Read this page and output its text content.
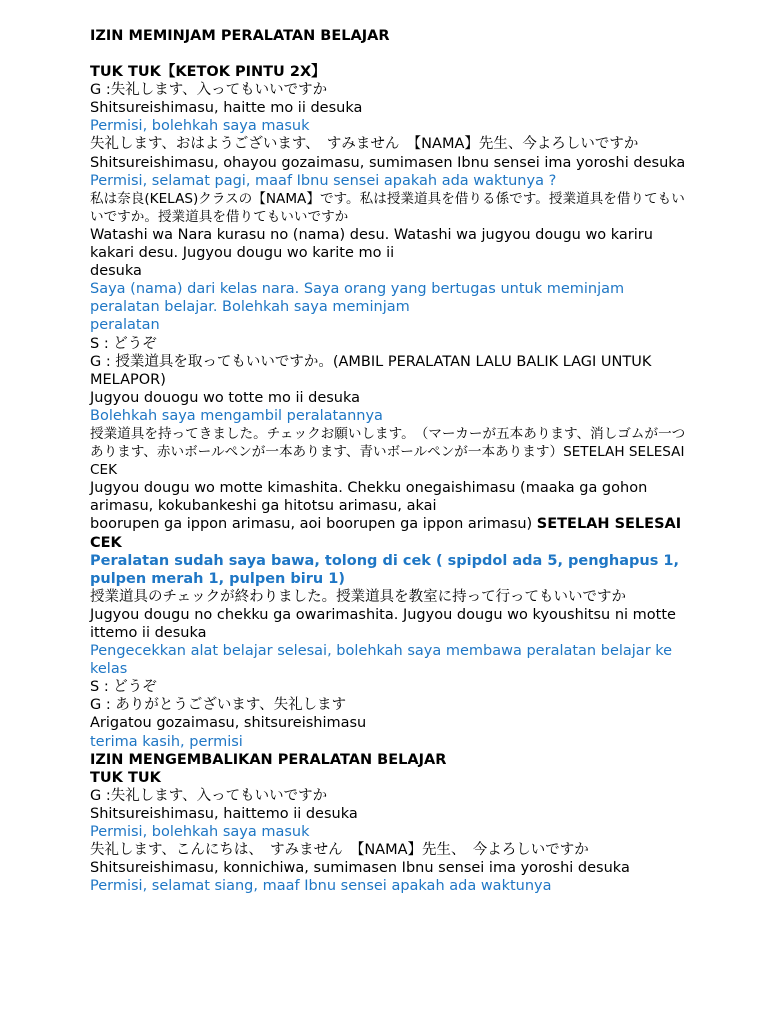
IZIN MEMINJAM PERALATAN BELAJAR
TUK TUK【KETOK PINTU 2X】
G :失礼します、入ってもいいですか
Shitsureishimasu, haitte mo ii desuka
Permisi, bolehkah saya masuk
失礼します、おはようございます、　すみません　【NAMA】先生、今よろしいですか
Shitsureishimasu, ohayou gozaimasu, sumimasen Ibnu sensei ima yoroshi desuka
Permisi, selamat pagi, maaf Ibnu sensei apakah ada waktunya ?
私は奈良(KELAS)クラスの【NAMA】です。私は授業道具を借りる係です。授業道具を借りてもいいですか。授業道具を借りてもいいですか
Watashi wa Nara kurasu no (nama) desu. Watashi wa jugyou dougu wo kariru kakari desu. Jugyou dougu wo karite mo ii
desuka
Saya (nama) dari kelas nara. Saya orang yang bertugas untuk meminjam peralatan belajar. Bolehkah saya meminjam
peralatan
S : どうぞ
G : 授業道具を取ってもいいですか。(AMBIL PERALATAN LALU BALIK LAGI UNTUK MELAPOR)
Jugyou douogu wo totte mo ii desuka
Bolehkah saya mengambil peralatannya
授業道具を持ってきました。チェックお願いします。　（マーカーが五本あります、消しゴムが一つあります、赤いボールペンが一本あります、青いボールペンが一本あります）SETELAH SELESAI CEK
Jugyou dougu wo motte kimashita. Chekku onegaishimasu (maaka ga gohon arimasu, kokubankeshi ga hitotsu arimasu, akai
boorupen ga ippon arimasu, aoi boorupen ga ippon arimasu) SETELAH SELESAI CEK
Peralatan sudah saya bawa, tolong di cek ( spipdol ada 5, penghapus 1, pulpen merah 1, pulpen biru 1)
授業道具のチェックが終わりました。授業道具を教室に持って行ってもいいですか
Jugyou dougu no chekku ga owarimashita. Jugyou dougu wo kyoushitsu ni motte ittemo ii desuka
Pengecekkan alat belajar selesai, bolehkah saya membawa peralatan belajar ke kelas
S : どうぞ
G : ありがとうございます、失礼します
Arigatou gozaimasu, shitsureishimasu
terima kasih, permisi
IZIN MENGEMBALIKAN PERALATAN BELAJAR
TUK TUK
G :失礼します、入ってもいいですか
Shitsureishimasu, haittemo ii desuka
Permisi, bolehkah saya masuk
失礼します、こんにちは、　すみません　【NAMA】先生、　今よろしいですか
Shitsureishimasu, konnichiwa, sumimasen Ibnu sensei ima yoroshi desuka
Permisi, selamat siang, maaf Ibnu sensei apakah ada waktunya
